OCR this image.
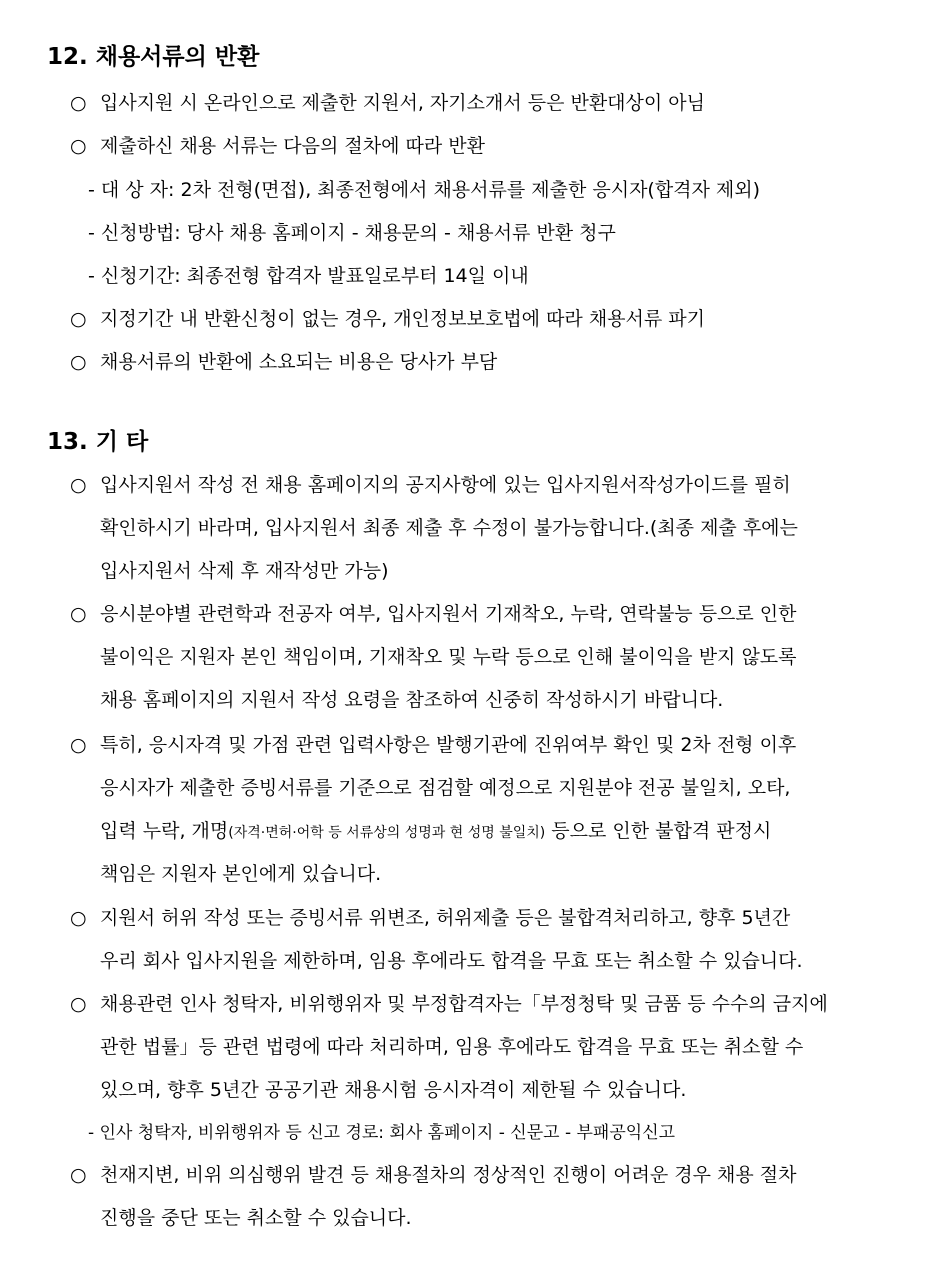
12. 채용서류의 반환
○ 입사지원 시 온라인으로 제출한 지원서, 자기소개서 등은 반환대상이 아님
○ 제출하신 채용 서류는 다음의 절차에 따라 반환
- 대 상 자: 2차 전형(면접), 최종전형에서 채용서류를 제출한 응시자(합격자 제외)
- 신청방법: 당사 채용 홈페이지 - 채용문의 - 채용서류 반환 청구
- 신청기간: 최종전형 합격자 발표일로부터 14일 이내
○ 지정기간 내 반환신청이 없는 경우, 개인정보보호법에 따라 채용서류 파기
○ 채용서류의 반환에 소요되는 비용은 당사가 부담
13. 기 타
○ 입사지원서 작성 전 채용 홈페이지의 공지사항에 있는 입사지원서작성가이드를 필히
확인하시기 바라며, 입사지원서 최종 제출 후 수정이 불가능합니다.(최종 제출 후에는
입사지원서 삭제 후 재작성만 가능)
○ 응시분야별 관련학과 전공자 여부, 입사지원서 기재착오, 누락, 연락불능 등으로 인한
불이익은 지원자 본인 책임이며, 기재착오 및 누락 등으로 인해 불이익을 받지 않도록
채용 홈페이지의 지원서 작성 요령을 참조하여 신중히 작성하시기 바랍니다.
○ 특히, 응시자격 및 가점 관련 입력사항은 발행기관에 진위여부 확인 및 2차 전형 이후
응시자가 제출한 증빙서류를 기준으로 점검할 예정으로 지원분야 전공 불일치, 오타,
입력 누락, 개명(자격·면허·어학 등 서류상의 성명과 현 성명 불일치) 등으로 인한 불합격 판정시
책임은 지원자 본인에게 있습니다.
○ 지원서 허위 작성 또는 증빙서류 위변조, 허위제출 등은 불합격처리하고, 향후 5년간
우리 회사 입사지원을 제한하며, 임용 후에라도 합격을 무효 또는 취소할 수 있습니다.
○ 채용관련 인사 청탁자, 비위행위자 및 부정합격자는「부정청탁 및 금품 등 수수의 금지에
관한 법률」등 관련 법령에 따라 처리하며, 임용 후에라도 합격을 무효 또는 취소할 수
있으며, 향후 5년간 공공기관 채용시험 응시자격이 제한될 수 있습니다.
- 인사 청탁자, 비위행위자 등 신고 경로: 회사 홈페이지 - 신문고 - 부패공익신고
○ 천재지변, 비위 의심행위 발견 등 채용절차의 정상적인 진행이 어려운 경우 채용 절차
진행을 중단 또는 취소할 수 있습니다.
